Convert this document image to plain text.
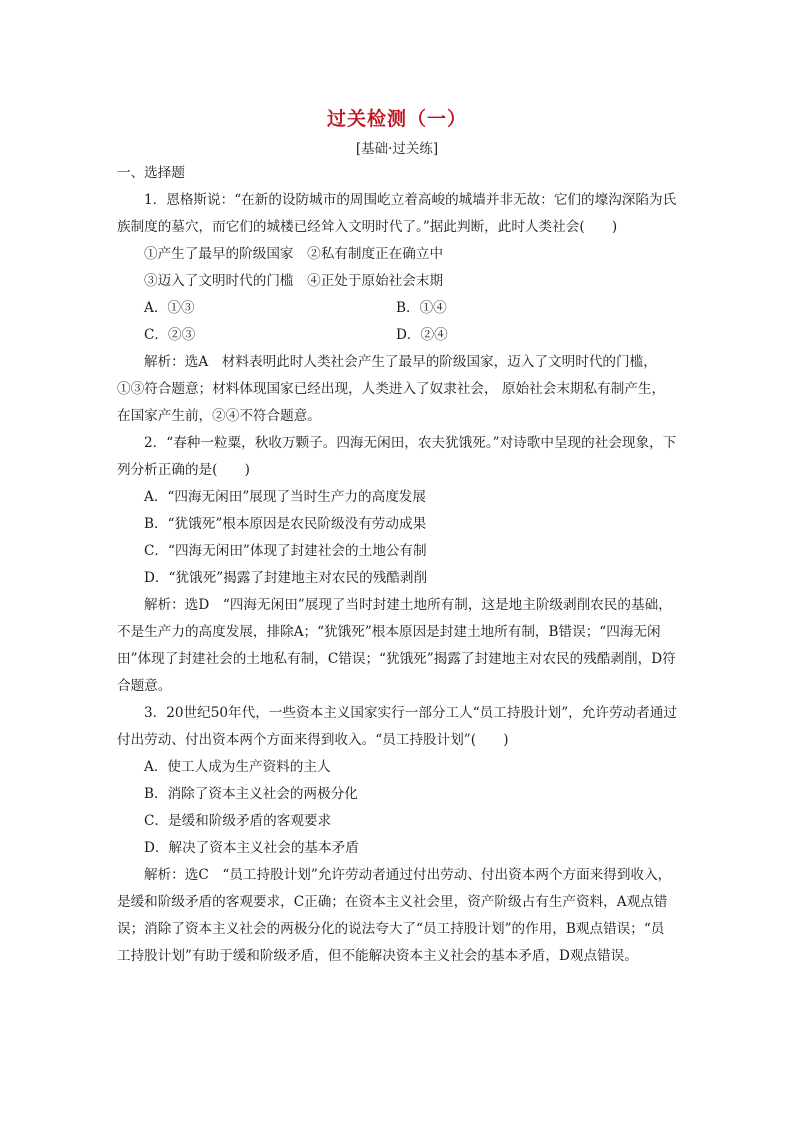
过关检测（一）
[基础·过关练]

一、选择题

1．恩格斯说：“在新的设防城市的周围屹立着高峻的城墙并非无故：它们的壕沟深陷为氏族制度的墓穴，而它们的城楼已经耸入文明时代了。”据此判断，此时人类社会(　　)

①产生了最早的阶级国家　②私有制度正在确立中

③迈入了文明时代的门槛　④正处于原始社会末期

A．①③	B．①④
C．②③	D．②④

解析：选A　材料表明此时人类社会产生了最早的阶级国家，迈入了文明时代的门槛，①③符合题意；材料体现国家已经出现，人类进入了奴隶社会， 原始社会末期私有制产生，在国家产生前，②④不符合题意。

2．“春种一粒粟，秋收万颗子。四海无闲田，农夫犹饿死。”对诗歌中呈现的社会现象，下列分析正确的是(　　)

A．“四海无闲田”展现了当时生产力的高度发展

B．“犹饿死”根本原因是农民阶级没有劳动成果

C．“四海无闲田”体现了封建社会的土地公有制

D．“犹饿死”揭露了封建地主对农民的残酷剥削

解析：选D　“四海无闲田”展现了当时封建土地所有制，这是地主阶级剥削农民的基础，不是生产力的高度发展，排除A；“犹饿死”根本原因是封建土地所有制，B错误；“四海无闲田”体现了封建社会的土地私有制，C错误；“犹饿死”揭露了封建地主对农民的残酷剥削，D符合题意。

3．20世纪50年代，一些资本主义国家实行一部分工人“员工持股计划”，允许劳动者通过付出劳动、付出资本两个方面来得到收入。“员工持股计划”(　　)

A．使工人成为生产资料的主人

B．消除了资本主义社会的两极分化

C．是缓和阶级矛盾的客观要求

D．解决了资本主义社会的基本矛盾

解析：选C　“员工持股计划”允许劳动者通过付出劳动、付出资本两个方面来得到收入，是缓和阶级矛盾的客观要求，C正确；在资本主义社会里，资产阶级占有生产资料，A观点错误；消除了资本主义社会的两极分化的说法夸大了“员工持股计划”的作用，B观点错误；“员工持股计划”有助于缓和阶级矛盾，但不能解决资本主义社会的基本矛盾，D观点错误。
